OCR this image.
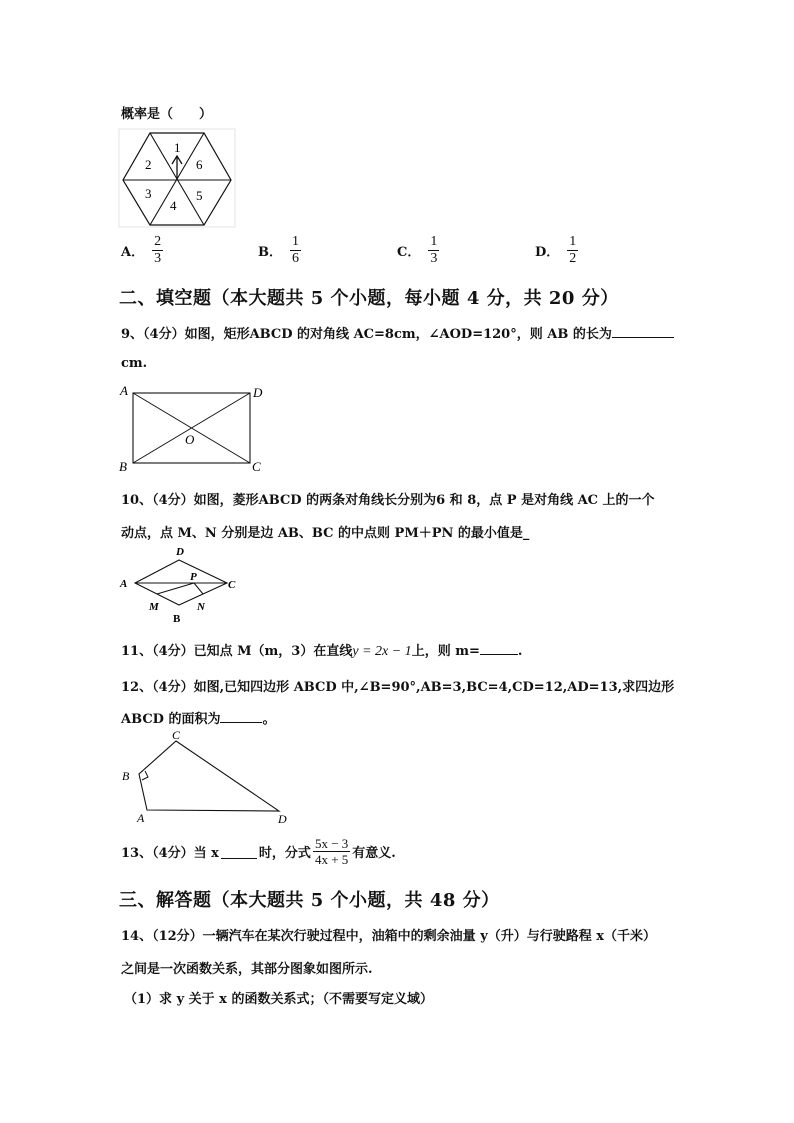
概率是（　　）
1
6
5
4
3
2
A． $\frac{2}{3}$	B． $\frac{1}{6}$	C． $\frac{1}{3}$	D． $\frac{1}{2}$
二、填空题（本大题共 5 个小题，每小题 4 分，共 20 分）
9、（4分）如图，矩形ABCD 的对角线 AC=8cm，∠AOD=120°，则 AB 的长为
cm.
A	D
B	C
O
10、（4分）如图，菱形ABCD 的两条对角线长分别为6 和 8，点 P 是对角线 AC 上的一个
动点，点 M、N 分别是边 AB、BC 的中点则 PM＋PN 的最小值是_
D
A	C
P
M	N
B
11、（4分）已知点 M（m，3）在直线y = 2x − 1上，则 m=	.
12、（4分）如图,已知四边形 ABCD 中,∠B=90°,AB=3,BC=4,CD=12,AD=13,求四边形
ABCD 的面积为	。
C
B
A	D
13、（4分）当 x	时，分式 $\frac{5x - 3}{4x + 5}$ 有意义.
三、解答题（本大题共 5 个小题，共 48 分）
14、（12分）一辆汽车在某次行驶过程中，油箱中的剩余油量 y（升）与行驶路程 x（千米）
之间是一次函数关系，其部分图象如图所示.
（1）求 y 关于 x 的函数关系式；（不需要写定义域）
